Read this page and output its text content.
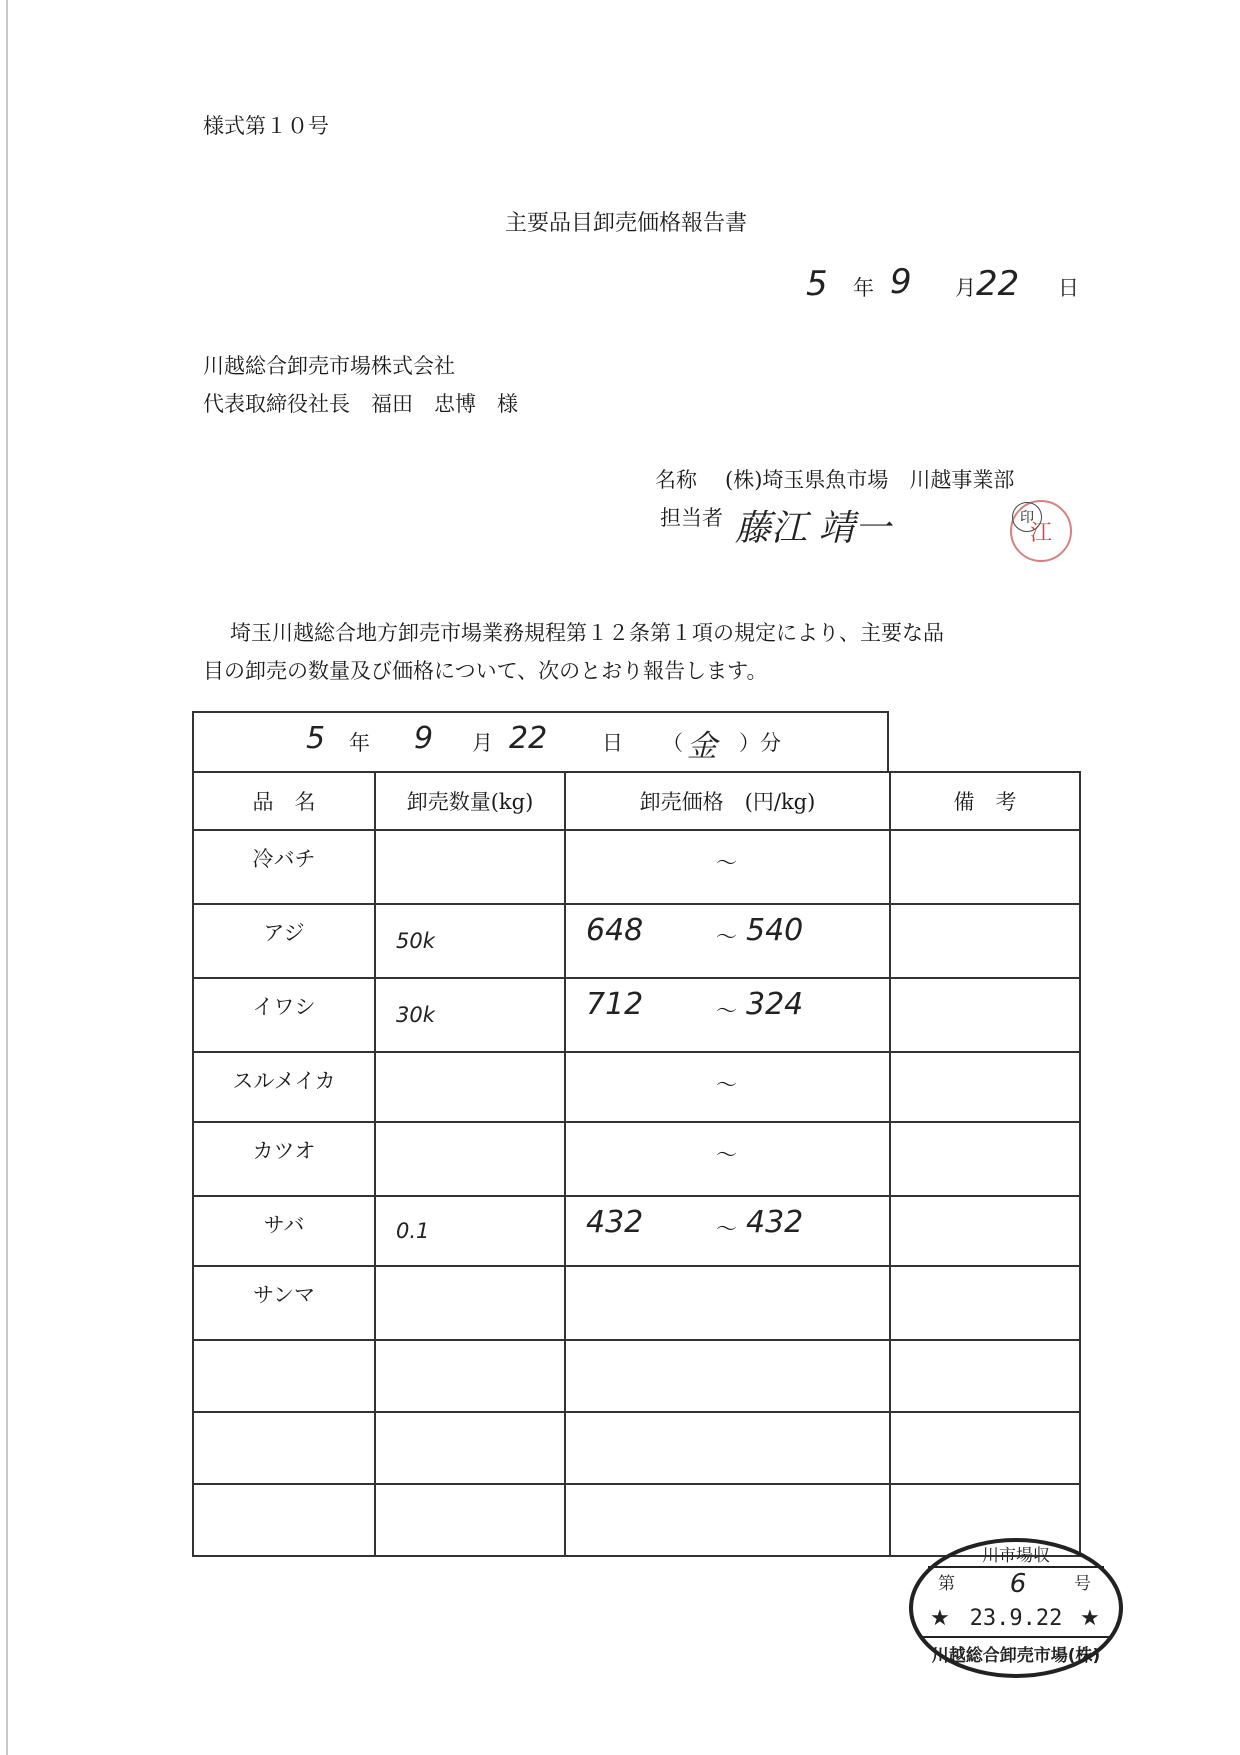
様式第１０号
主要品目卸売価格報告書
5 年 9 月 22 日
川越総合卸売市場株式会社
代表取締役社長　福田　忠博　様
名称 (株)埼玉県魚市場　川越事業部
担当者 藤江 靖一	江
印
埼玉川越総合地方卸売市場業務規程第１２条第１項の規定により、主要な品
目の卸売の数量及び価格について、次のとおり報告します。
5 年 9 月 22	日 （ 金 ）分
品　名	卸売数量(kg)	卸売価格　(円/kg)	備　考
冷バチ		～	

アジ	50k	648 ～ 540	

イワシ	30k	712 ～ 324	

スルメイカ		～	

カツオ		～	

サバ	0.1	432 ～ 432	

サンマ		

川市場収
第 6	号
★ 23.9.22 ★
川越総合卸売市場(株)
